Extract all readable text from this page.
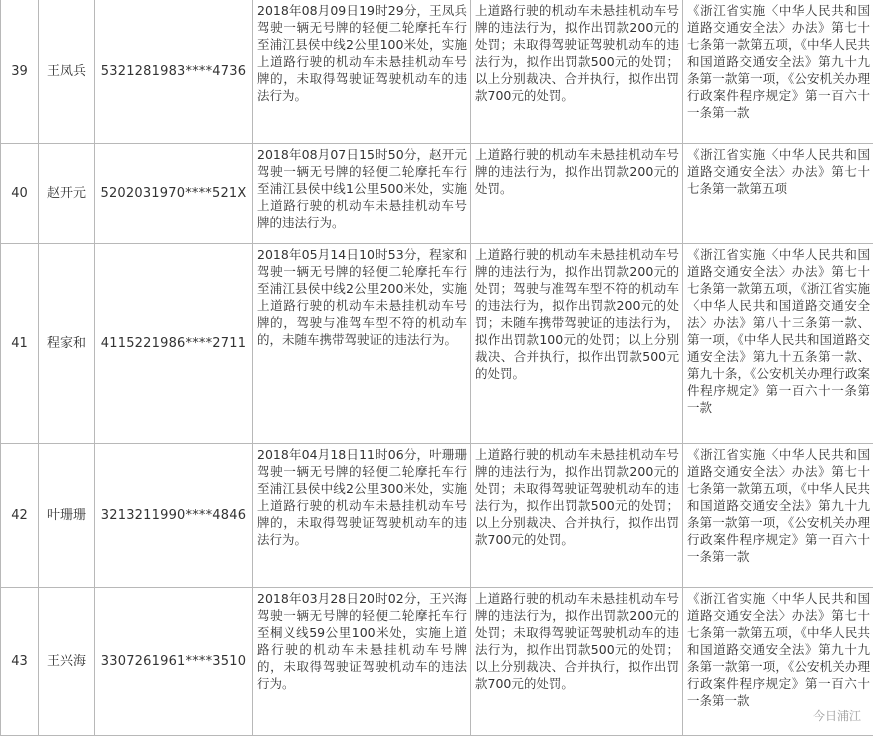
39	王凤兵	5321281983****4736	2018年08月09日19时29分，王凤兵驾驶一辆无号牌的轻便二轮摩托车行至浦江县侯中线2公里100米处，实施上道路行驶的机动车未悬挂机动车号牌的，未取得驾驶证驾驶机动车的违法行为。	上道路行驶的机动车未悬挂机动车号牌的违法行为，拟作出罚款200元的处罚；未取得驾驶证驾驶机动车的违法行为，拟作出罚款500元的处罚；以上分别裁决、合并执行，拟作出罚款700元的处罚。	《浙江省实施〈中华人民共和国道路交通安全法〉办法》第七十七条第一款第五项，《中华人民共和国道路交通安全法》第九十九条第一款第一项，《公安机关办理行政案件程序规定》第一百六十一条第一款
40	赵开元	5202031970****521X	2018年08月07日15时50分，赵开元驾驶一辆无号牌的轻便二轮摩托车行至浦江县侯中线1公里500米处，实施上道路行驶的机动车未悬挂机动车号牌的违法行为。	上道路行驶的机动车未悬挂机动车号牌的违法行为，拟作出罚款200元的处罚。	《浙江省实施〈中华人民共和国道路交通安全法〉办法》第七十七条第一款第五项
41	程家和	4115221986****2711	2018年05月14日10时53分，程家和驾驶一辆无号牌的轻便二轮摩托车行至浦江县侯中线2公里200米处，实施上道路行驶的机动车未悬挂机动车号牌的，驾驶与准驾车型不符的机动车的，未随车携带驾驶证的违法行为。	上道路行驶的机动车未悬挂机动车号牌的违法行为，拟作出罚款200元的处罚；驾驶与准驾车型不符的机动车的违法行为，拟作出罚款200元的处罚；未随车携带驾驶证的违法行为，拟作出罚款100元的处罚；以上分别裁决、合并执行，拟作出罚款500元的处罚。	《浙江省实施〈中华人民共和国道路交通安全法〉办法》第七十七条第一款第五项，《浙江省实施〈中华人民共和国道路交通安全法〉办法》第八十三条第一款、第一项，《中华人民共和国道路交通安全法》第九十五条第一款、第九十条，《公安机关办理行政案件程序规定》第一百六十一条第一款
42	叶珊珊	3213211990****4846	2018年04月18日11时06分，叶珊珊驾驶一辆无号牌的轻便二轮摩托车行至浦江县侯中线2公里300米处，实施上道路行驶的机动车未悬挂机动车号牌的，未取得驾驶证驾驶机动车的违法行为。	上道路行驶的机动车未悬挂机动车号牌的违法行为，拟作出罚款200元的处罚；未取得驾驶证驾驶机动车的违法行为，拟作出罚款500元的处罚；以上分别裁决、合并执行，拟作出罚款700元的处罚。	《浙江省实施〈中华人民共和国道路交通安全法〉办法》第七十七条第一款第五项，《中华人民共和国道路交通安全法》第九十九条第一款第一项，《公安机关办理行政案件程序规定》第一百六十一条第一款
43	王兴海	3307261961****3510	2018年03月28日20时02分，王兴海驾驶一辆无号牌的轻便二轮摩托车行至桐义线59公里100米处，实施上道路行驶的机动车未悬挂机动车号牌的，未取得驾驶证驾驶机动车的违法行为。	上道路行驶的机动车未悬挂机动车号牌的违法行为，拟作出罚款200元的处罚；未取得驾驶证驾驶机动车的违法行为，拟作出罚款500元的处罚；以上分别裁决、合并执行，拟作出罚款700元的处罚。	《浙江省实施〈中华人民共和国道路交通安全法〉办法》第七十七条第一款第五项，《中华人民共和国道路交通安全法》第九十九条第一款第一项，《公安机关办理行政案件程序规定》第一百六十一条第一款
今日浦江
